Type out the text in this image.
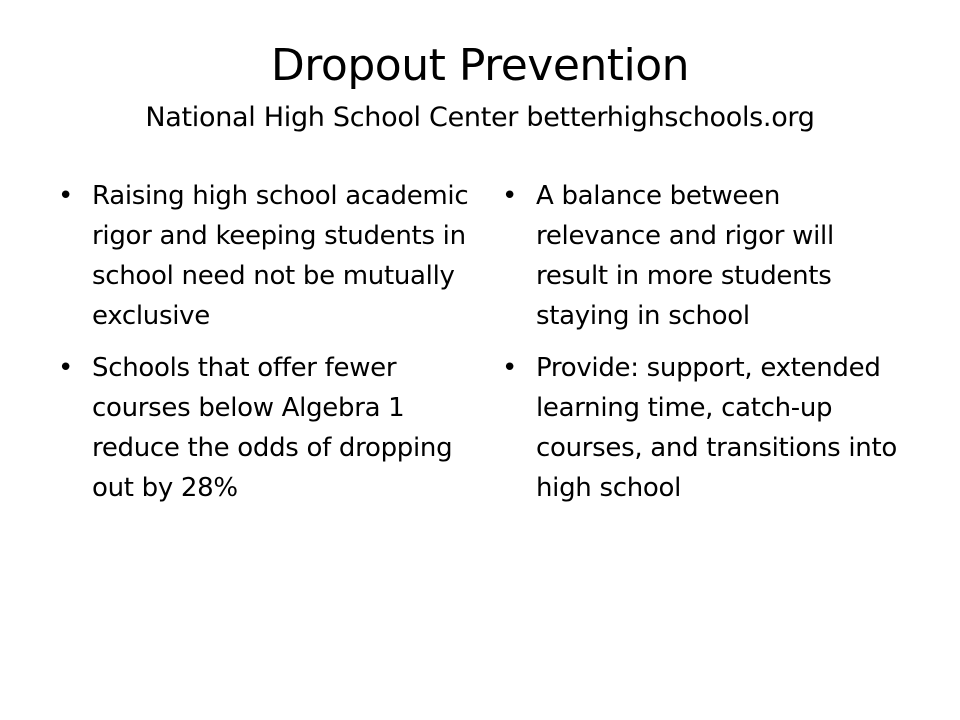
Dropout Prevention
National High School Center betterhighschools.org
• Raising high school academic rigor and keeping students in school need not be mutually exclusive
• Schools that offer fewer courses below Algebra 1 reduce the odds of dropping out by 28%
• A balance between relevance and rigor will result in more students staying in school
• Provide: support, extended learning time, catch-up courses, and transitions into high school
